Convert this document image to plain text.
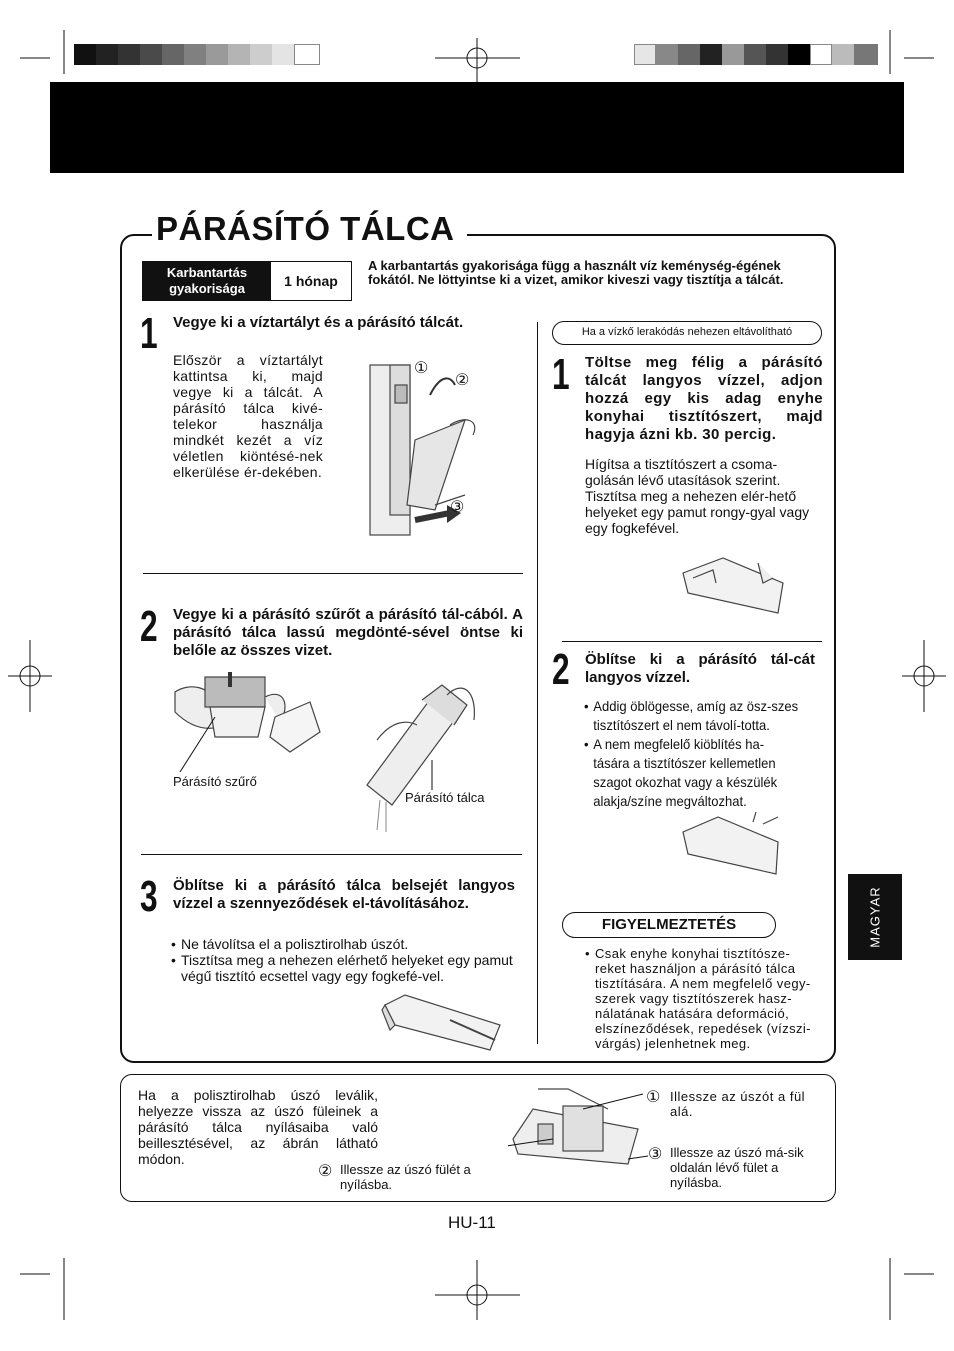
PÁRÁSÍTÓ TÁLCA
Karbantartás gyakorisága	1 hónap
A karbantartás gyakorisága függ a használt víz keménység-égének fokától. Ne löttyintse ki a vizet, amikor kiveszi vagy tisztítja a tálcát.
1 Vegye ki a víztartályt és a párásító tálcát.
Először a víztartályt kattintsa ki, majd vegye ki a tálcát. A párásító tálca kivé-telekor használja mindkét kezét a víz véletlen kiöntésé-nek elkerülése ér-dekében.
①
②
③
2 Vegye ki a párásító szűrőt a párásító tál-cából. A párásító tálca lassú megdönté-sével öntse ki belőle az összes vizet.
Párásító szűrő
Párásító tálca
3 Öblítse ki a párásító tálca belsejét langyos vízzel a szennyeződések el-távolításához.
• Ne távolítsa el a polisztirolhab úszót.
• Tisztítsa meg a nehezen elérhető helyeket egy pamut végű tisztító ecsettel vagy egy fogkefé-vel.
Ha a vízkő lerakódás nehezen eltávolítható
1 Töltse meg félig a párásító tálcát langyos vízzel, adjon hozzá egy kis adag enyhe konyhai tisztítószert, majd hagyja ázni kb. 30 percig.
Hígítsa a tisztítószert a csoma-golásán lévő utasítások szerint. Tisztítsa meg a nehezen elér-hető helyeket egy pamut rongy-gyal vagy egy fogkefével.
2 Öblítse ki a párásító tál-cát langyos vízzel.
• Addig öblögesse, amíg az ösz-szes tisztítószert el nem távolí-totta.
• A nem megfelelő kiöblítés ha-tására a tisztítószer kellemetlen szagot okozhat vagy a készülék alakja/színe megváltozhat.
FIGYELMEZTETÉS
• Csak enyhe konyhai tisztítósze-reket használjon a párásító tálca tisztítására. A nem megfelelő vegy-szerek vagy tisztítószerek hasz-nálatának hatására deformáció, elszíneződések, repedések (vízszi-várgás) jelenhetnek meg.
MAGYAR
Ha a polisztirolhab úszó leválik, helyezze vissza az úszó füleinek a párásító tálca nyílásaiba való beillesztésével, az ábrán látható módon.
① Illessze az úszót a fül alá.
② Illessze az úszó fülét a nyílásba.
③ Illessze az úszó má-sik oldalán lévő fület a nyílásba.
HU-11
